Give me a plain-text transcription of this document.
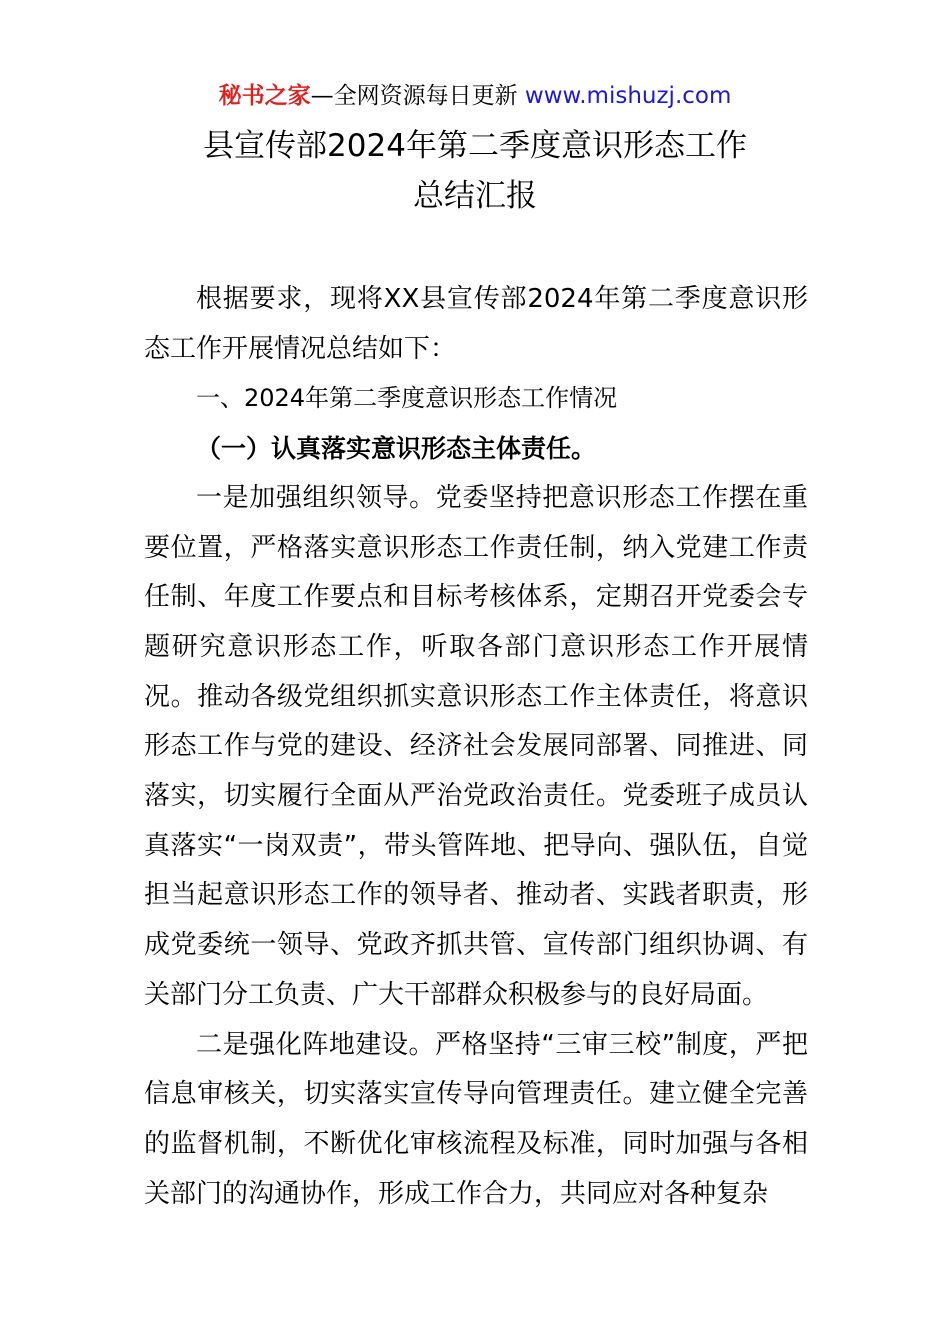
秘书之家—全网资源每日更新 www.mishuzj.com
县宣传部2024年第二季度意识形态工作
总结汇报

根据要求，现将XX县宣传部2024年第二季度意识形态工作开展情况总结如下：

一、2024年第二季度意识形态工作情况

（一）认真落实意识形态主体责任。

一是加强组织领导。党委坚持把意识形态工作摆在重要位置，严格落实意识形态工作责任制，纳入党建工作责任制、年度工作要点和目标考核体系，定期召开党委会专题研究意识形态工作，听取各部门意识形态工作开展情况。推动各级党组织抓实意识形态工作主体责任，将意识形态工作与党的建设、经济社会发展同部署、同推进、同落实，切实履行全面从严治党政治责任。党委班子成员认真落实“一岗双责”，带头管阵地、把导向、强队伍，自觉担当起意识形态工作的领导者、推动者、实践者职责，形成党委统一领导、党政齐抓共管、宣传部门组织协调、有关部门分工负责、广大干部群众积极参与的良好局面。

二是强化阵地建设。严格坚持“三审三校”制度，严把信息审核关，切实落实宣传导向管理责任。建立健全完善的监督机制，不断优化审核流程及标准，同时加强与各相关部门的沟通协作，形成工作合力，共同应对各种复杂
